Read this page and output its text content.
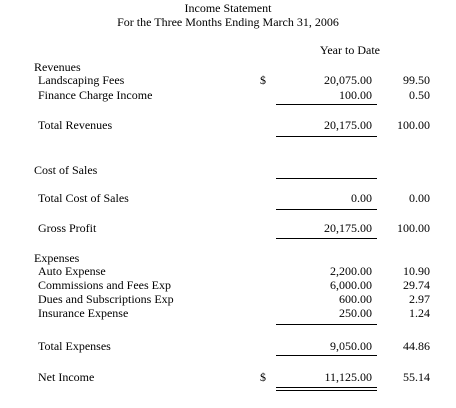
Income Statement
For the Three Months Ending March 31, 2006
Year to Date
Revenues
Landscaping Fees	$	20,075.00	99.50
Finance Charge Income	100.00	0.50
Total Revenues	20,175.00	100.00
Cost of Sales
Total Cost of Sales	0.00	0.00
Gross Profit	20,175.00	100.00
Expenses
Auto Expense	2,200.00	10.90
Commissions and Fees Exp	6,000.00	29.74
Dues and Subscriptions Exp	600.00	2.97
Insurance Expense	250.00	1.24
Total Expenses	9,050.00	44.86
Net Income	$	11,125.00	55.14
